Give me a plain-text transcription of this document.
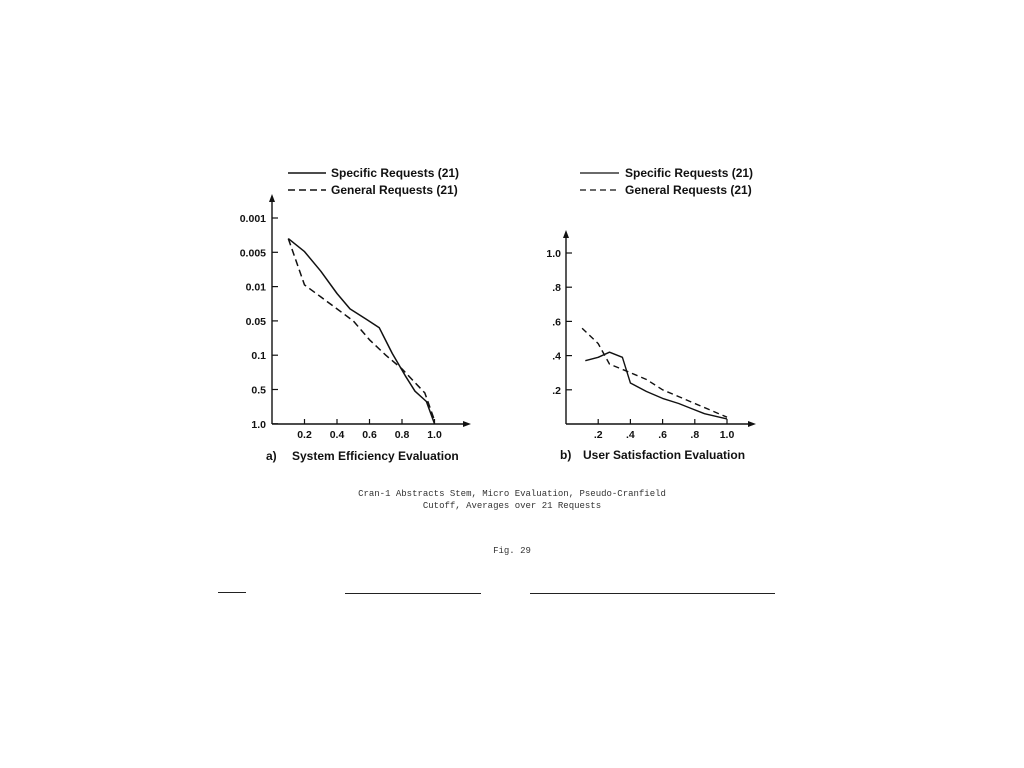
Specific Requests (21)
General Requests (21)
0.001
0.005
0.01
0.05
0.1
0.5
1.0
0.2 0.4 0.6 0.8 1.0
a) System Efficiency Evaluation
Specific Requests (21)
General Requests (21)
.2
.4
.6
.8
1.0
.2 .4 .6 .8 1.0
b) User Satisfaction Evaluation
Cran-1 Abstracts Stem, Micro Evaluation, Pseudo-Cranfield
Cutoff, Averages over 21 Requests
Fig. 29
